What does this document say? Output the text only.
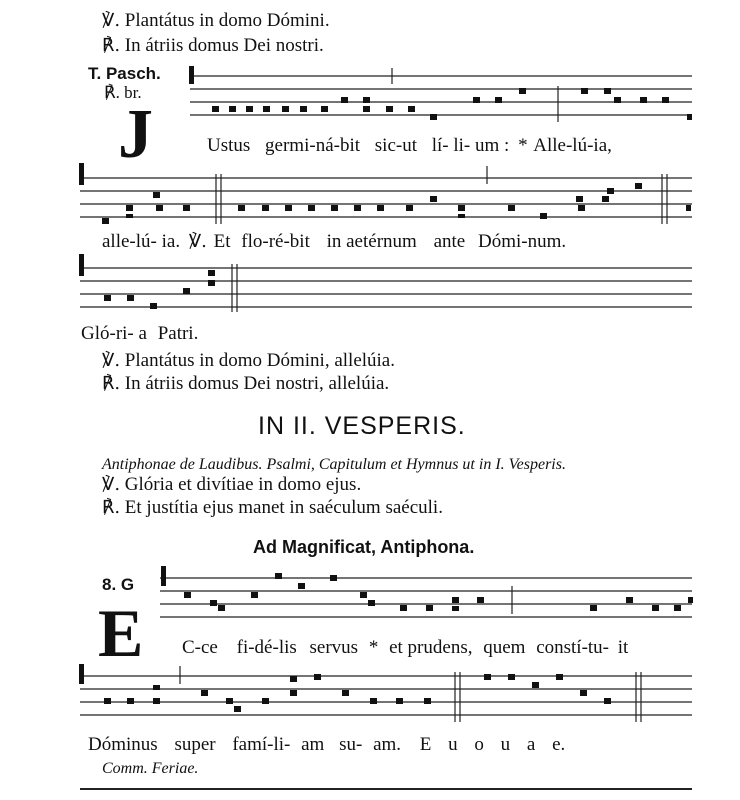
℣. Plantátus in domo Dómini.
℟. In átriis domus Dei nostri.
T. Pasch.
℟. br.
J	Ustus germi-ná-bit sic-ut lí- li- um : * Alle-lú-ia,
alle-lú- ia. ℣. Et flo-ré-bit in aetérnum ante Dómi-num.
Gló-ri- a Patri.
℣. Plantátus in domo Dómini, allelúia.
℟. In átriis domus Dei nostri, allelúia.
IN II. VESPERIS.
Antiphonae de Laudibus. Psalmi, Capitulum et Hymnus ut in I. Vesperis.
℣. Glória et divítiae in domo ejus.
℟. Et justítia ejus manet in saéculum saéculi.
Ad Magnificat, Antiphona.
8. G
E C-ce fi-dé-lis servus * et prudens, quem constí-tu- it
Dóminus super famí-li- am su- am. E u o u a e.
Comm. Feriae.
